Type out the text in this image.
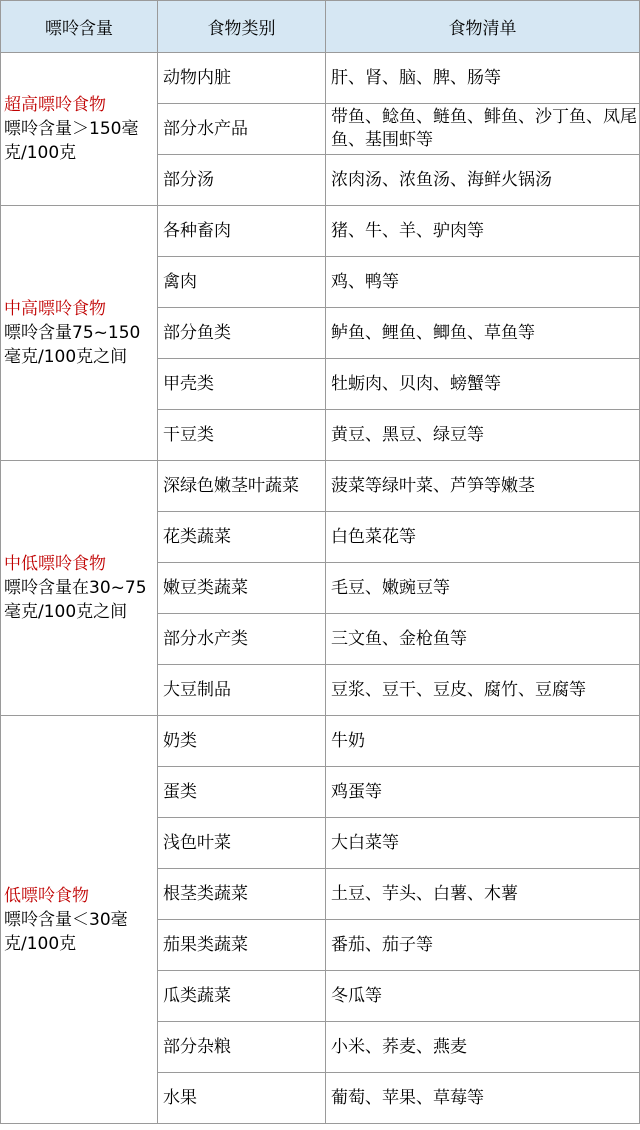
嘌呤含量	食物类别	食物清单

超高嘌呤食物
嘌呤含量＞150毫克/100克	动物内脏	肝、肾、脑、脾、肠等
	部分水产品	带鱼、鲶鱼、鲢鱼、鲱鱼、沙丁鱼、凤尾鱼、基围虾等
	部分汤	浓肉汤、浓鱼汤、海鲜火锅汤

中高嘌呤食物
嘌呤含量75~150毫克/100克之间	各种畜肉	猪、牛、羊、驴肉等
	禽肉	鸡、鸭等
	部分鱼类	鲈鱼、鲤鱼、鲫鱼、草鱼等
	甲壳类	牡蛎肉、贝肉、螃蟹等
	干豆类	黄豆、黑豆、绿豆等

中低嘌呤食物
嘌呤含量在30~75毫克/100克之间	深绿色嫩茎叶蔬菜	菠菜等绿叶菜、芦笋等嫩茎
	花类蔬菜	白色菜花等
	嫩豆类蔬菜	毛豆、嫩豌豆等
	部分水产类	三文鱼、金枪鱼等
	大豆制品	豆浆、豆干、豆皮、腐竹、豆腐等

低嘌呤食物
嘌呤含量＜30毫克/100克	奶类	牛奶
	蛋类	鸡蛋等
	浅色叶菜	大白菜等
	根茎类蔬菜	土豆、芋头、白薯、木薯
	茄果类蔬菜	番茄、茄子等
	瓜类蔬菜	冬瓜等
	部分杂粮	小米、荞麦、燕麦
	水果	葡萄、苹果、草莓等
